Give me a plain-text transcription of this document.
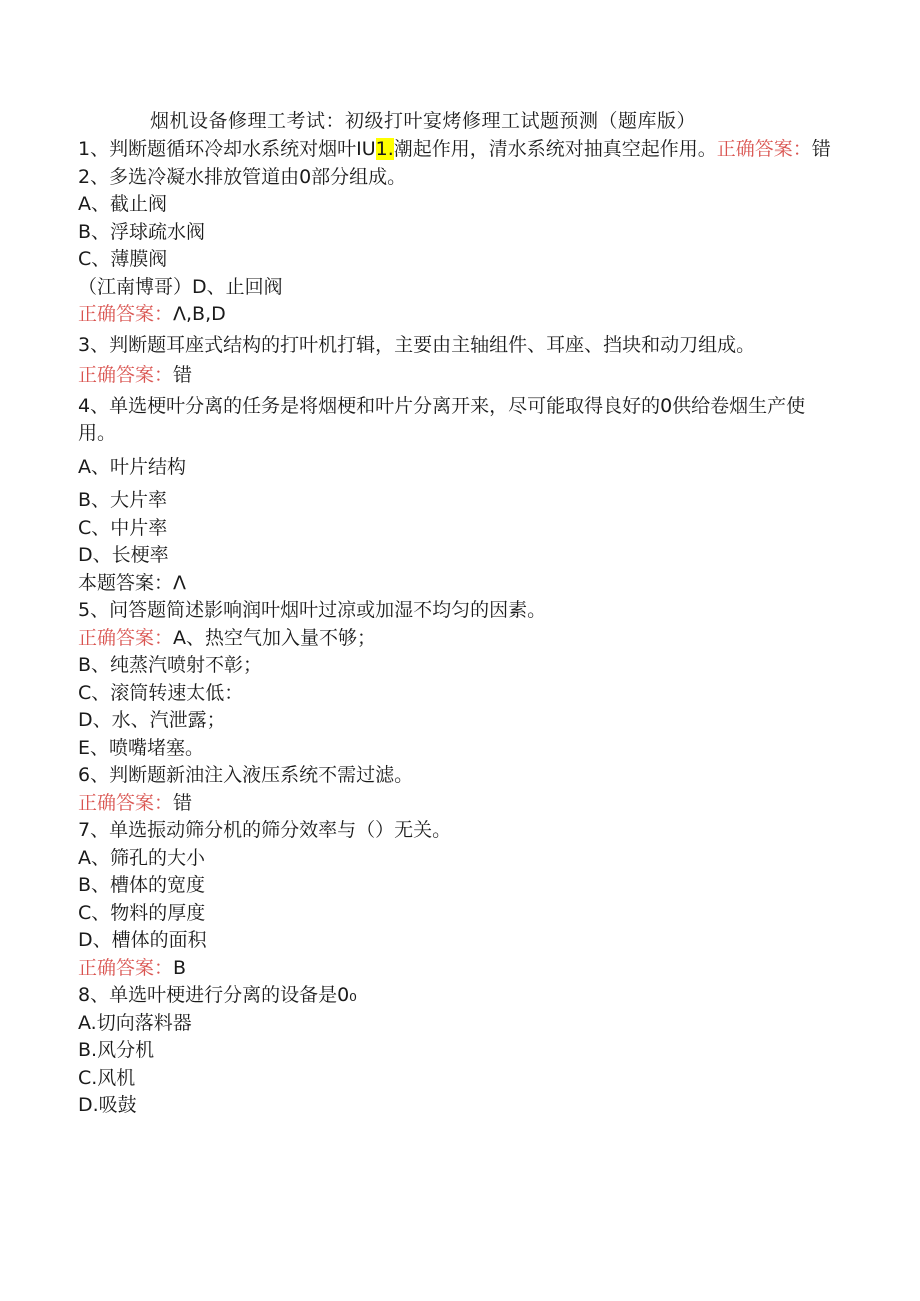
烟机设备修理工考试：初级打叶宴烤修理工试题预测（题库版）
1、判断题循环冷却水系统对烟叶IU1.潮起作用，清水系统对抽真空起作用。正确答案：错
2、多选冷凝水排放管道由0部分组成。
A、截止阀
B、浮球疏水阀
C、薄膜阀
（江南博哥）D、止回阀
正确答案：Λ,B,D
3、判断题耳座式结构的打叶机打辑，主要由主轴组件、耳座、挡块和动刀组成。
正确答案：错
4、单选梗叶分离的任务是将烟梗和叶片分离开来，尽可能取得良好的0供给卷烟生产使用。
A、叶片结构
B、大片率
C、中片率
D、长梗率
本题答案：Λ
5、问答题简述影响润叶烟叶过凉或加湿不均匀的因素。
正确答案：A、热空气加入量不够；
B、纯蒸汽喷射不彰；
C、滚筒转速太低：
D、水、汽泄露；
E、喷嘴堵塞。
6、判断题新油注入液压系统不需过滤。
正确答案：错
7、单选振动筛分机的筛分效率与（）无关。
A、筛孔的大小
B、槽体的宽度
C、物料的厚度
D、槽体的面积
正确答案：B
8、单选叶梗进行分离的设备是0₀
A.切向落料器
B.风分机
C.风机
D.吸鼓
